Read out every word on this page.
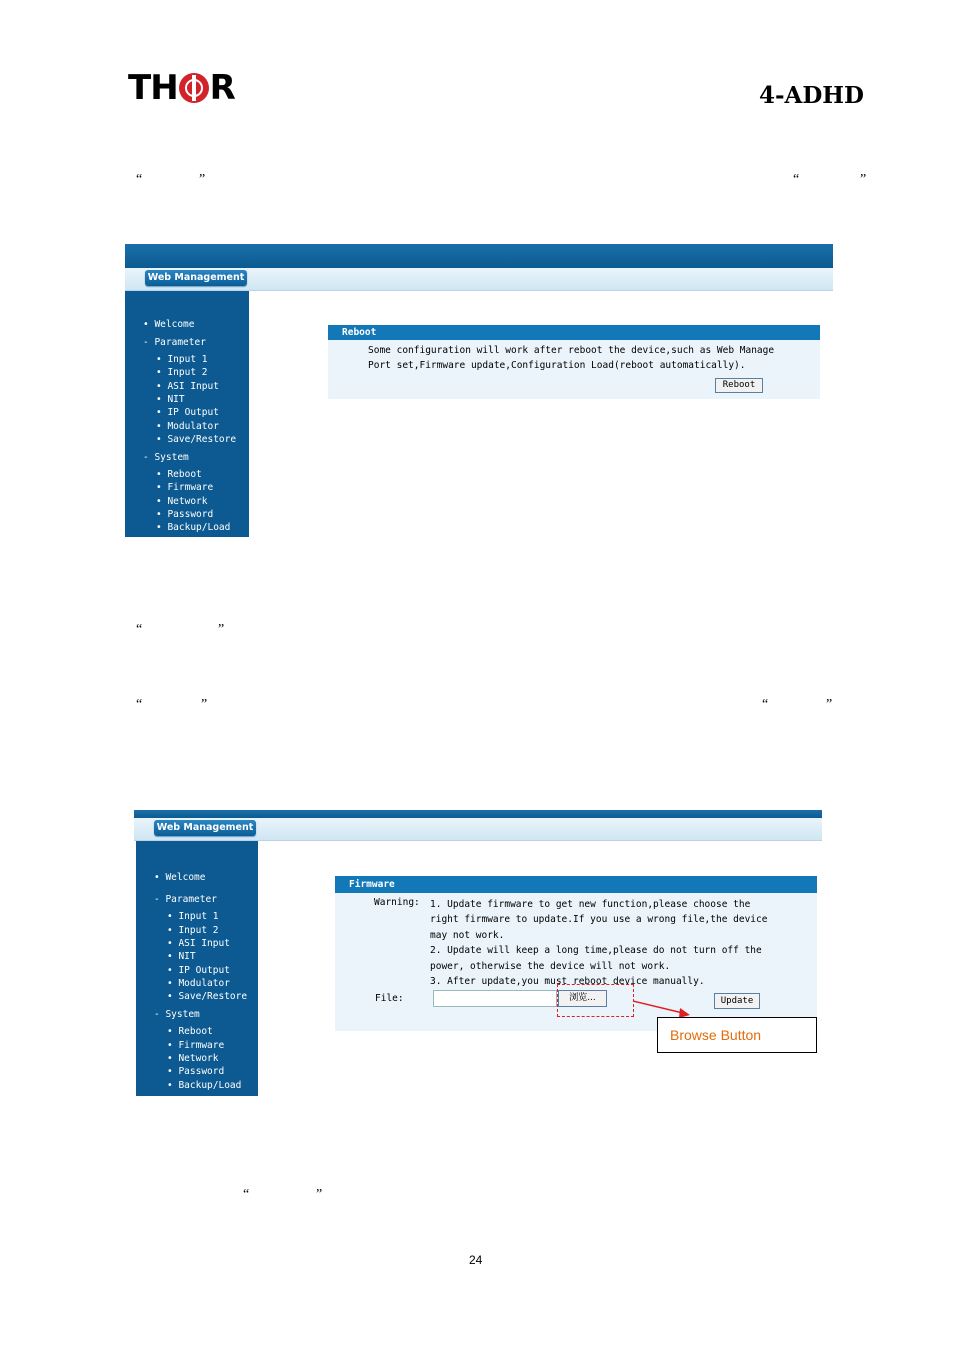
TH R	4-ADHD
“	”	“	”
Web Management
• Welcome
- Parameter
• Input 1
• Input 2
• ASI Input
• NIT
• IP Output
• Modulator
• Save/Restore
- System
• Reboot
• Firmware
• Network
• Password
• Backup/Load
Reboot
Some configuration will work after reboot the device,such as Web Manage
Port set,Firmware update,Configuration Load(reboot automatically).
Reboot
“	”
“	”	“	”
Web Management
• Welcome
- Parameter
• Input 1
• Input 2
• ASI Input
• NIT
• IP Output
• Modulator
• Save/Restore
- System
• Reboot
• Firmware
• Network
• Password
• Backup/Load
Firmware
Warning: 1. Update firmware to get new function,please choose the
right firmware to update.If you use a wrong file,the device
may not work.
2. Update will keep a long time,please do not turn off the
power, otherwise the device will not work.
3. After update,you must reboot device manually.
File:	浏览...	Update
Browse Button
“	”
24
